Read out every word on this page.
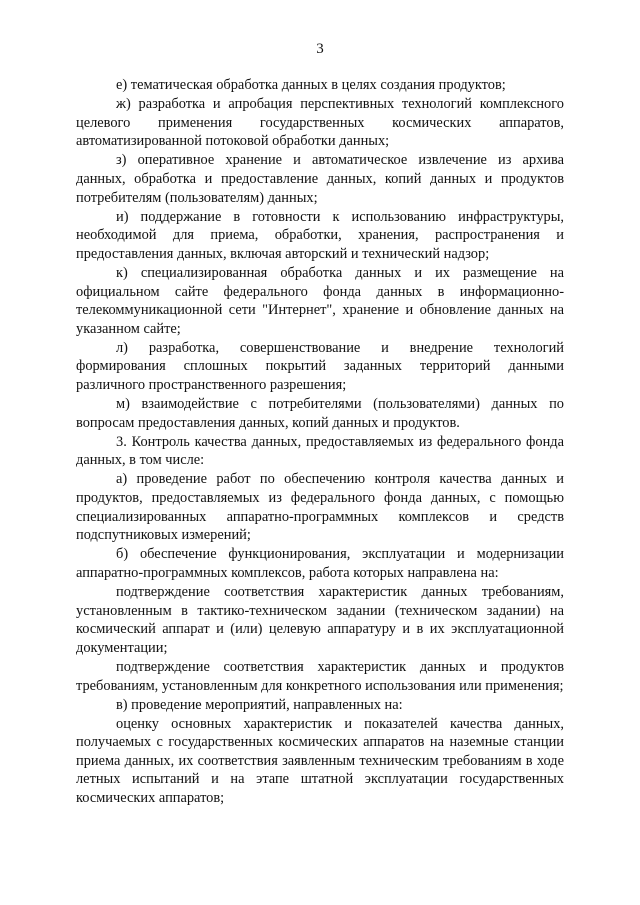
3

е) тематическая обработка данных в целях создания продуктов;

ж) разработка и апробация перспективных технологий комплексного целевого применения государственных космических аппаратов, автоматизированной потоковой обработки данных;

з) оперативное хранение и автоматическое извлечение из архива данных, обработка и предоставление данных, копий данных и продуктов потребителям (пользователям) данных;

и) поддержание в готовности к использованию инфраструктуры, необходимой для приема, обработки, хранения, распространения и предоставления данных, включая авторский и технический надзор;

к) специализированная обработка данных и их размещение на официальном сайте федерального фонда данных в информационно-телекоммуникационной сети "Интернет", хранение и обновление данных на указанном сайте;

л) разработка, совершенствование и внедрение технологий формирования сплошных покрытий заданных территорий данными различного пространственного разрешения;

м) взаимодействие с потребителями (пользователями) данных по вопросам предоставления данных, копий данных и продуктов.

3. Контроль качества данных, предоставляемых из федерального фонда данных, в том числе:

а) проведение работ по обеспечению контроля качества данных и продуктов, предоставляемых из федерального фонда данных, с помощью специализированных аппаратно-программных комплексов и средств подспутниковых измерений;

б) обеспечение функционирования, эксплуатации и модернизации аппаратно-программных комплексов, работа которых направлена на:

подтверждение соответствия характеристик данных требованиям, установленным в тактико-техническом задании (техническом задании) на космический аппарат и (или) целевую аппаратуру и в их эксплуатационной документации;

подтверждение соответствия характеристик данных и продуктов требованиям, установленным для конкретного использования или применения;

в) проведение мероприятий, направленных на:

оценку основных характеристик и показателей качества данных, получаемых с государственных космических аппаратов на наземные станции приема данных, их соответствия заявленным техническим требованиям в ходе летных испытаний и на этапе штатной эксплуатации государственных космических аппаратов;
